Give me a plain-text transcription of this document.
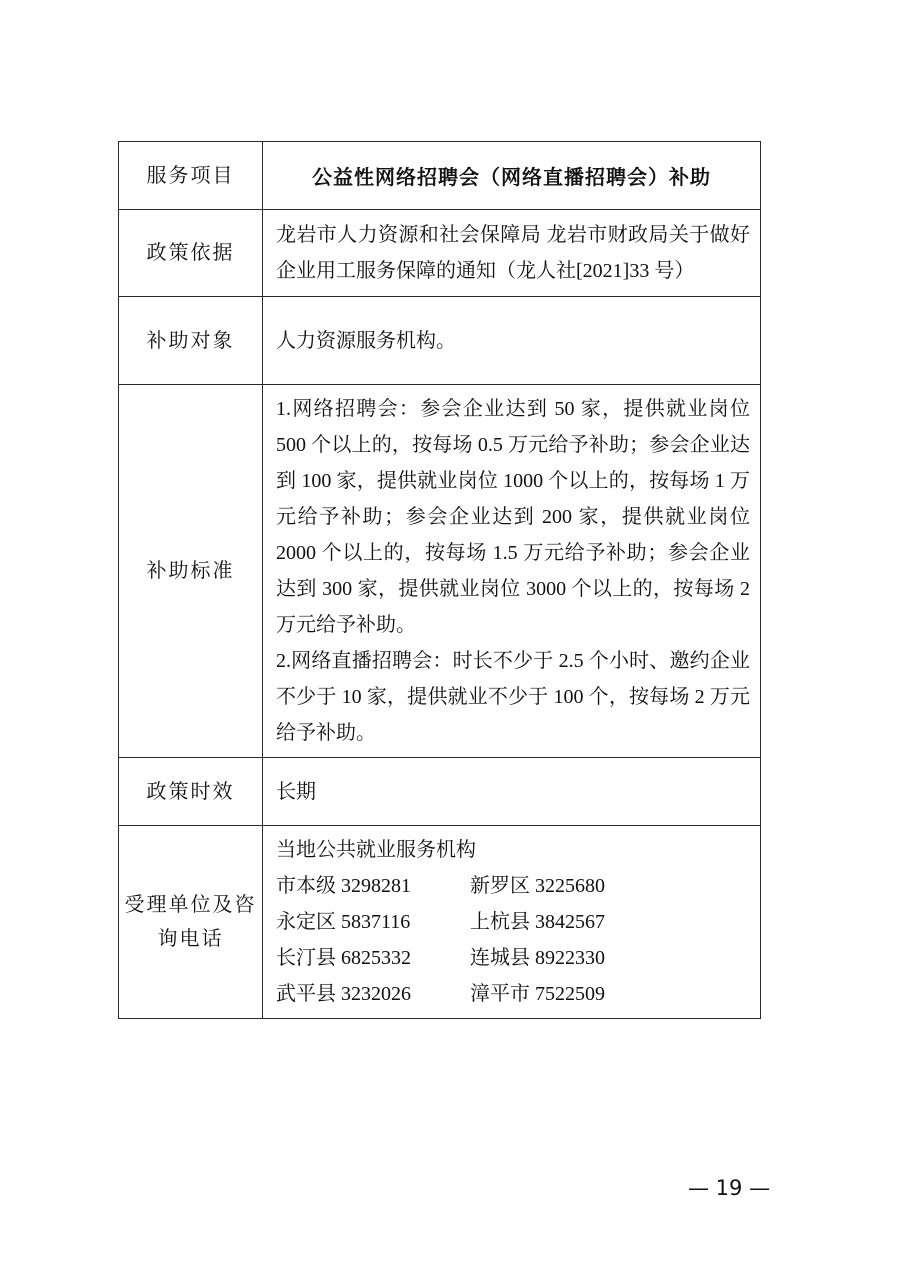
服务项目	公益性网络招聘会（网络直播招聘会）补助

政策依据	龙岩市人力资源和社会保障局 龙岩市财政局关于做好企业用工服务保障的通知（龙人社[2021]33 号）

补助对象	人力资源服务机构。

补助标准	1.网络招聘会：参会企业达到 50 家，提供就业岗位 500 个以上的，按每场 0.5 万元给予补助；参会企业达到 100 家，提供就业岗位 1000 个以上的，按每场 1 万元给予补助；参会企业达到 200 家，提供就业岗位 2000 个以上的，按每场 1.5 万元给予补助；参会企业达到 300 家，提供就业岗位 3000 个以上的，按每场 2 万元给予补助。

2.网络直播招聘会：时长不少于 2.5 个小时、邀约企业不少于 10 家，提供就业不少于 100 个，按每场 2 万元给予补助。

政策时效	长期

受理单位及咨询电话	当地公共就业服务机构
市本级 3298281 新罗区 3225680
永定区 5837116 上杭县 3842567
长汀县 6825332 连城县 8922330
武平县 3232026 漳平市 7522509
— 19 —
